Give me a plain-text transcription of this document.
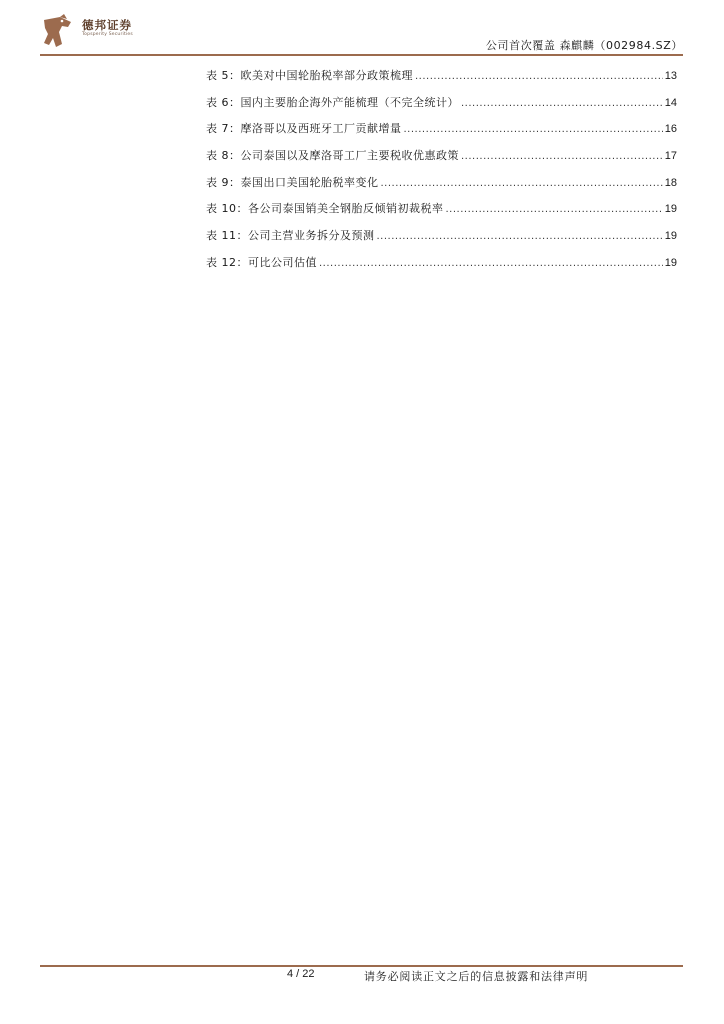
德邦证券
Topsperity Securities
公司首次覆盖 森麒麟（002984.SZ）
表 5：欧美对中国轮胎税率部分政策梳理 .....	13
表 6：国内主要胎企海外产能梳理（不完全统计） .....	14
表 7：摩洛哥以及西班牙工厂贡献增量 .....	16
表 8：公司泰国以及摩洛哥工厂主要税收优惠政策 .....	17
表 9：泰国出口美国轮胎税率变化 .....	18
表 10：各公司泰国销美全钢胎反倾销初裁税率 .....	19
表 11：公司主营业务拆分及预测 .....	19
表 12：可比公司估值 .....	19
4 / 22	请务必阅读正文之后的信息披露和法律声明
